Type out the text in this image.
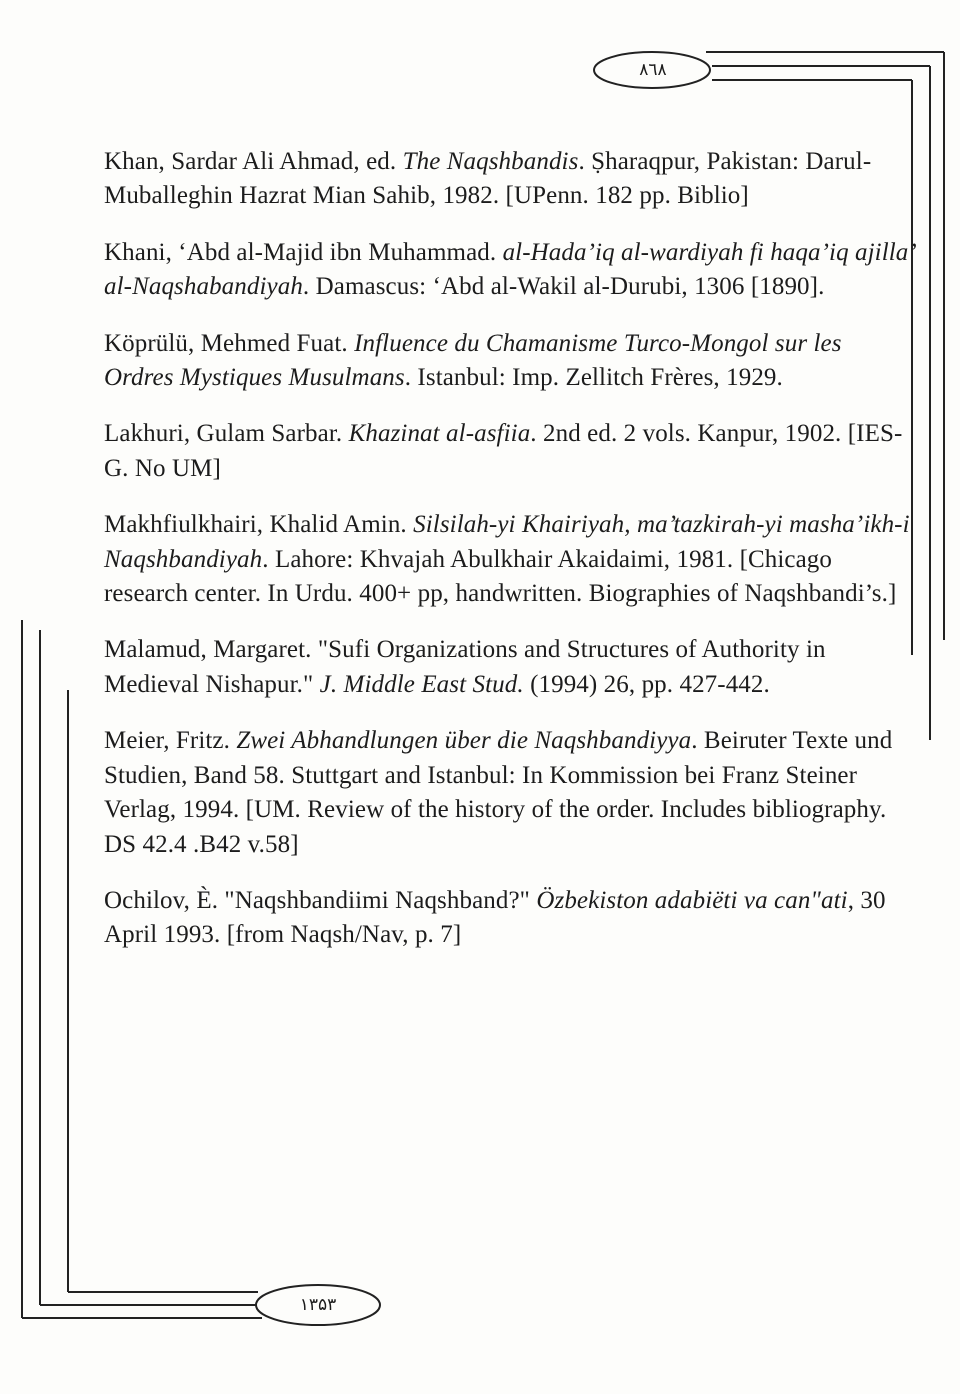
٨٦٨
۱۳۵٣

Khan, Sardar Ali Ahmad, ed. The Naqshbandis. Ṣharaqpur, Pakistan: Darul-Muballeghin Hazrat Mian Sahib, 1982. [UPenn. 182 pp. Biblio]

Khani, ‘Abd al-Majid ibn Muhammad. al-Hada’iq al-wardiyah fi haqa’iq ajilla’ al-Naqshabandiyah. Damascus: ‘Abd al-Wakil al-Durubi, 1306 [1890].

Köprülü, Mehmed Fuat. Influence du Chamanisme Turco-Mongol sur les Ordres Mystiques Musulmans. Istanbul: Imp. Zellitch Frères, 1929.

Lakhuri, Gulam Sarbar. Khazinat al-asfiia. 2nd ed. 2 vols. Kanpur, 1902. [IES-G. No UM]

Makhfiulkhairi, Khalid Amin. Silsilah-yi Khairiyah, ma’tazkirah-yi masha’ikh-i Naqshbandiyah. Lahore: Khvajah Abulkhair Akaidaimi, 1981. [Chicago research center. In Urdu. 400+ pp, handwritten. Biographies of Naqshbandi’s.]

Malamud, Margaret. "Sufi Organizations and Structures of Authority in Medieval Nishapur." J. Middle East Stud. (1994) 26, pp. 427-442.

Meier, Fritz. Zwei Abhandlungen über die Naqshbandiyya. Beiruter Texte und Studien, Band 58. Stuttgart and Istanbul: In Kommission bei Franz Steiner Verlag, 1994. [UM. Review of the history of the order. Includes bibliography. DS 42.4 .B42 v.58]

Ochilov, È. "Naqshbandiimi Naqshband?" Özbekiston adabiëti va can"ati, 30 April 1993. [from Naqsh/Nav, p. 7]
